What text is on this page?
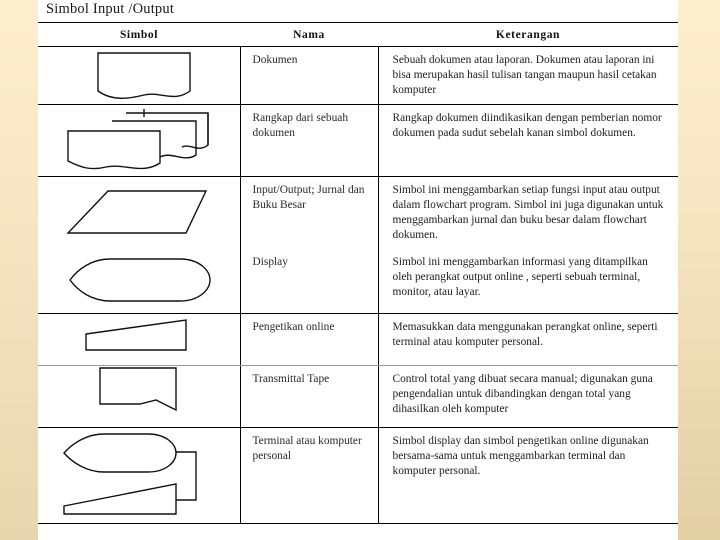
Simbol Input /Output
Simbol	Nama	Keterangan

	Dokumen	Sebuah dokumen atau laporan. Dokumen atau laporan ini bisa merupakan hasil tulisan tangan maupun hasil cetakan komputer

	Rangkap dari sebuah dokumen	Rangkap dokumen diindikasikan dengan pemberian nomor dokumen pada sudut sebelah kanan simbol dokumen.

	Input/Output; Jurnal dan Buku Besar	Simbol ini menggambarkan setiap fungsi input atau output dalam flowchart program. Simbol ini juga digunakan untuk menggambarkan jurnal dan buku besar dalam flowchart dokumen.

	Display	Simbol ini menggambarkan informasi yang ditampilkan oleh perangkat output online , seperti sebuah terminal, monitor, atau layar.

	Pengetikan online	Memasukkan data menggunakan perangkat online, seperti terminal atau komputer personal.

	Transmittal Tape	Control total yang dibuat secara manual; digunakan guna pengendalian untuk dibandingkan dengan total yang dihasilkan oleh komputer

	Terminal atau komputer personal	Simbol display dan simbol pengetikan online digunakan bersama-sama untuk menggambarkan terminal dan komputer personal.
